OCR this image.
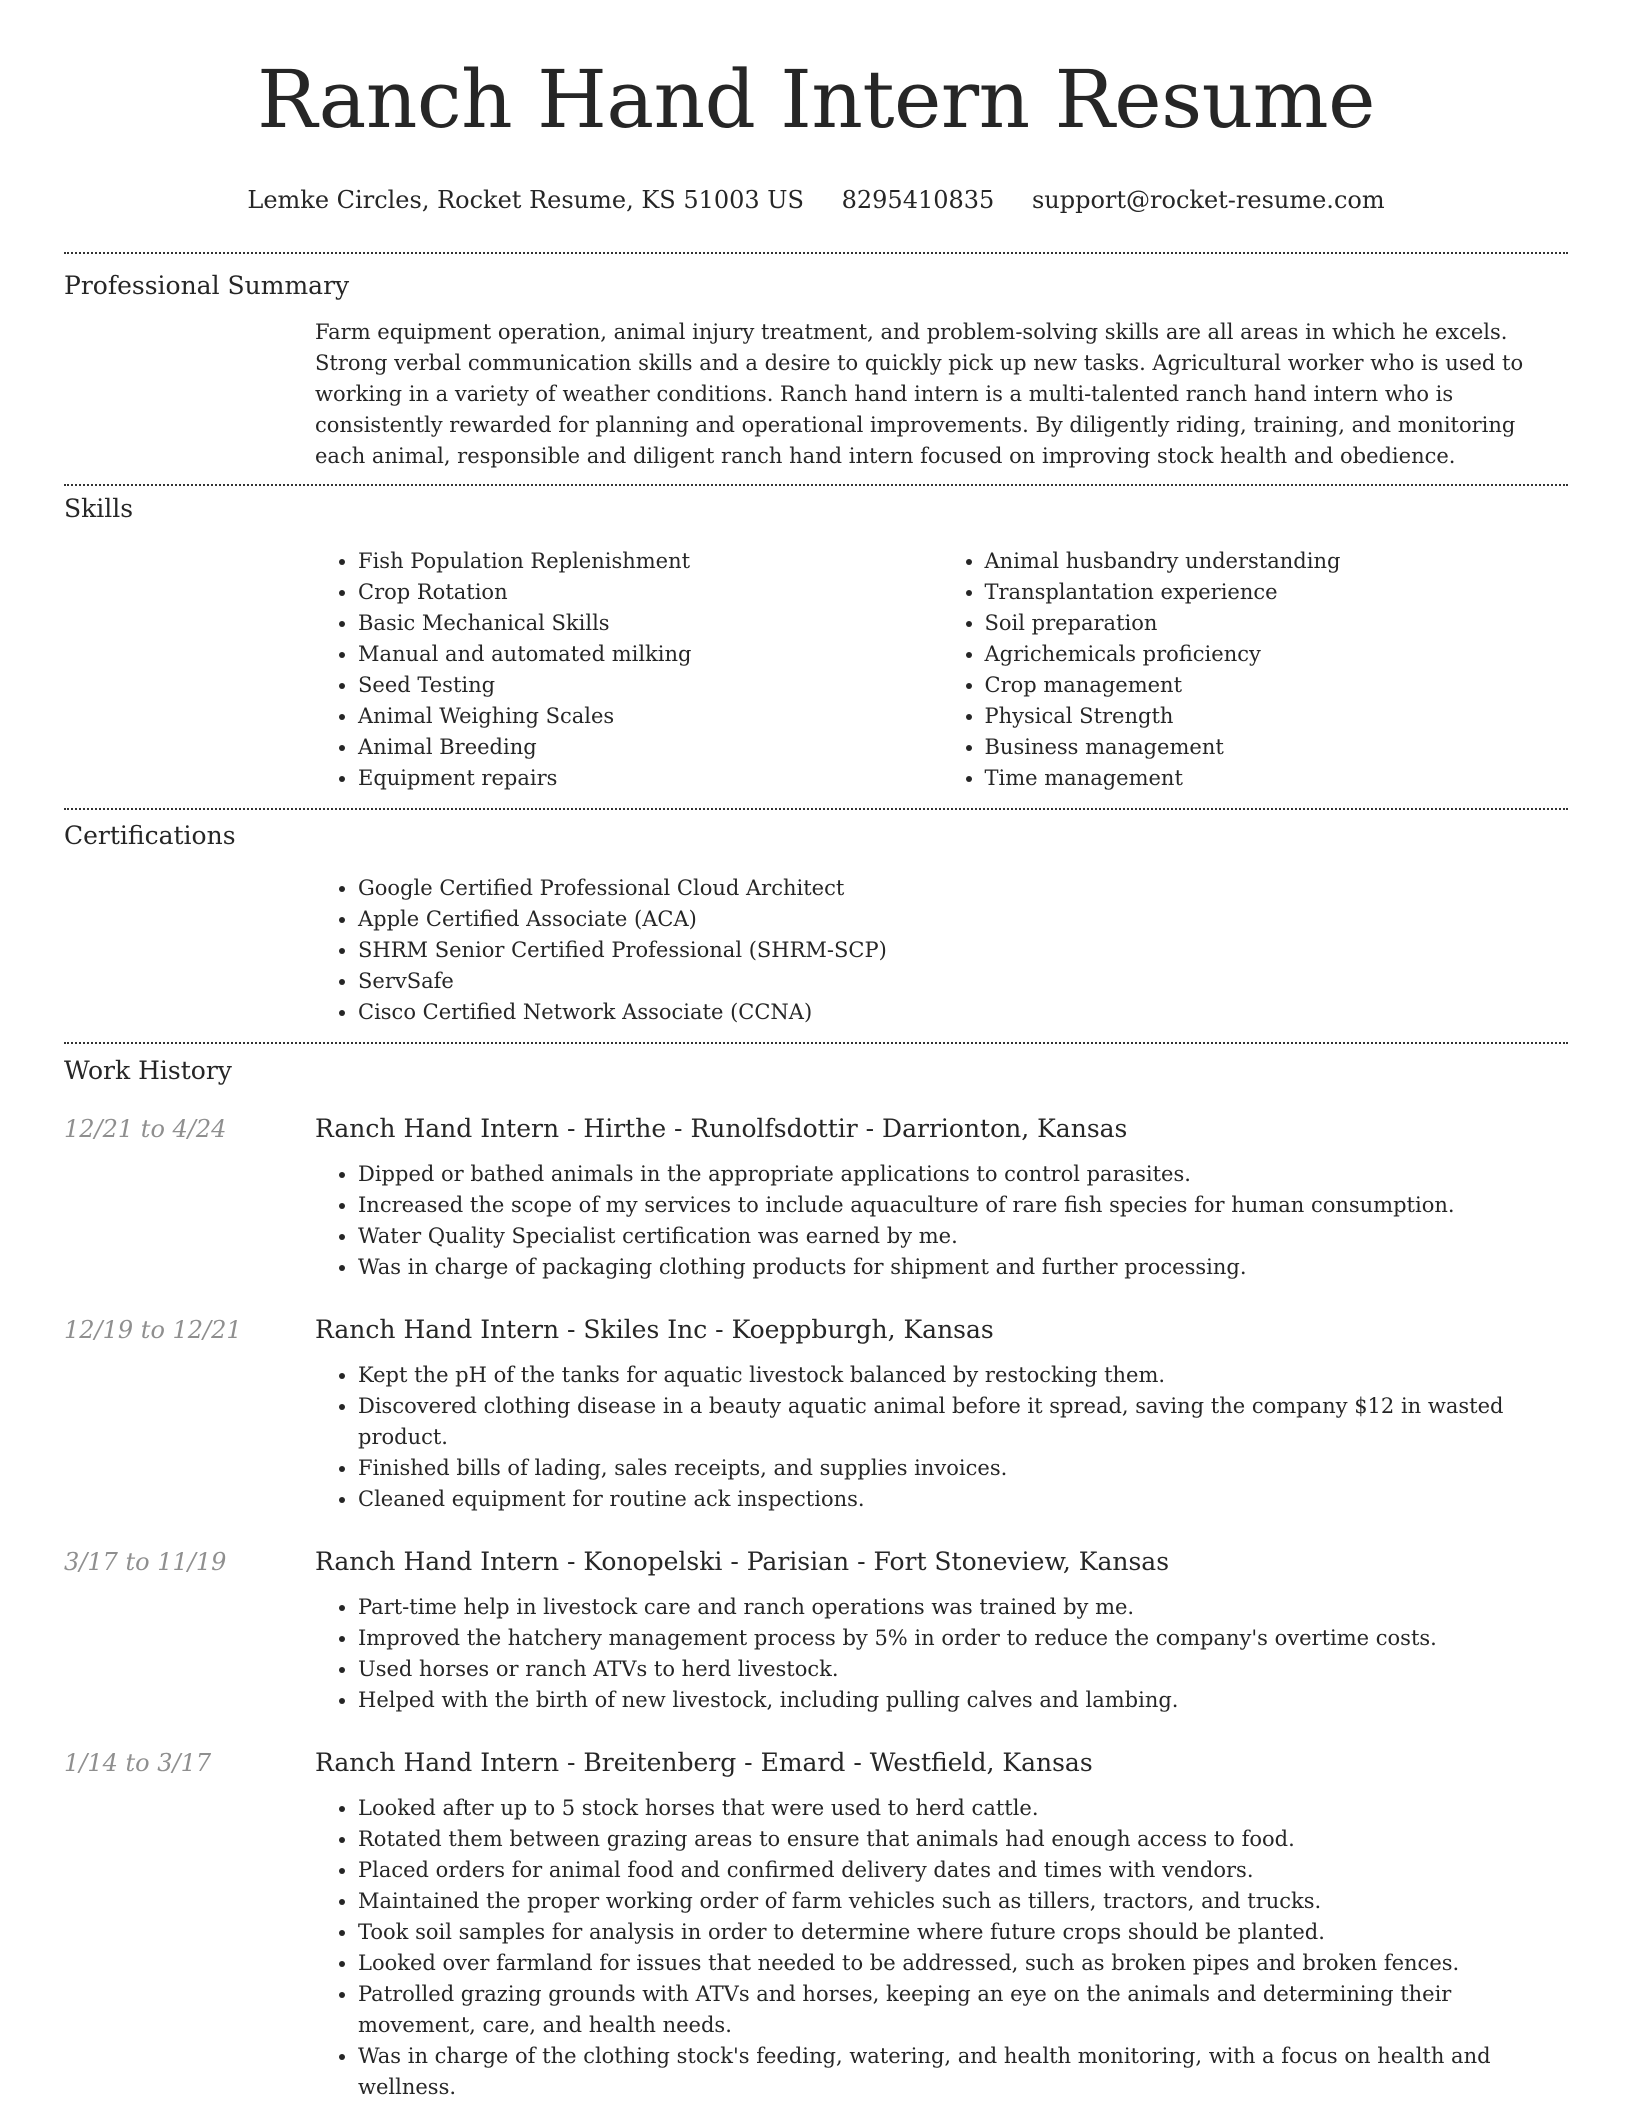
Ranch Hand Intern Resume
Lemke Circles, Rocket Resume, KS 51003 US 8295410835 support@rocket-resume.com
Professional Summary

Farm equipment operation, animal injury treatment, and problem-solving skills are all areas in which he excels. Strong verbal communication skills and a desire to quickly pick up new tasks. Agricultural worker who is used to working in a variety of weather conditions. Ranch hand intern is a multi-talented ranch hand intern who is consistently rewarded for planning and operational improvements. By diligently riding, training, and monitoring each animal, responsible and diligent ranch hand intern focused on improving stock health and obedience.

Skills
• Fish Population Replenishment
• Crop Rotation
• Basic Mechanical Skills
• Manual and automated milking
• Seed Testing
• Animal Weighing Scales
• Animal Breeding
• Equipment repairs
• Animal husbandry understanding
• Transplantation experience
• Soil preparation
• Agrichemicals proficiency
• Crop management
• Physical Strength
• Business management
• Time management
Certifications
• Google Certified Professional Cloud Architect
• Apple Certified Associate (ACA)
• SHRM Senior Certified Professional (SHRM-SCP)
• ServSafe
• Cisco Certified Network Associate (CCNA)
Work History
12/21 to 4/24	Ranch Hand Intern - Hirthe - Runolfsdottir - Darrionton, Kansas
• Dipped or bathed animals in the appropriate applications to control parasites.
• Increased the scope of my services to include aquaculture of rare fish species for human consumption.
• Water Quality Specialist certification was earned by me.
• Was in charge of packaging clothing products for shipment and further processing.
12/19 to 12/21	Ranch Hand Intern - Skiles Inc - Koeppburgh, Kansas
• Kept the pH of the tanks for aquatic livestock balanced by restocking them.
• Discovered clothing disease in a beauty aquatic animal before it spread, saving the company $12 in wasted product.
• Finished bills of lading, sales receipts, and supplies invoices.
• Cleaned equipment for routine ack inspections.
3/17 to 11/19	Ranch Hand Intern - Konopelski - Parisian - Fort Stoneview, Kansas
• Part-time help in livestock care and ranch operations was trained by me.
• Improved the hatchery management process by 5% in order to reduce the company's overtime costs.
• Used horses or ranch ATVs to herd livestock.
• Helped with the birth of new livestock, including pulling calves and lambing.
1/14 to 3/17	Ranch Hand Intern - Breitenberg - Emard - Westfield, Kansas
• Looked after up to 5 stock horses that were used to herd cattle.
• Rotated them between grazing areas to ensure that animals had enough access to food.
• Placed orders for animal food and confirmed delivery dates and times with vendors.
• Maintained the proper working order of farm vehicles such as tillers, tractors, and trucks.
• Took soil samples for analysis in order to determine where future crops should be planted.
• Looked over farmland for issues that needed to be addressed, such as broken pipes and broken fences.
• Patrolled grazing grounds with ATVs and horses, keeping an eye on the animals and determining their movement, care, and health needs.
• Was in charge of the clothing stock's feeding, watering, and health monitoring, with a focus on health and wellness.
